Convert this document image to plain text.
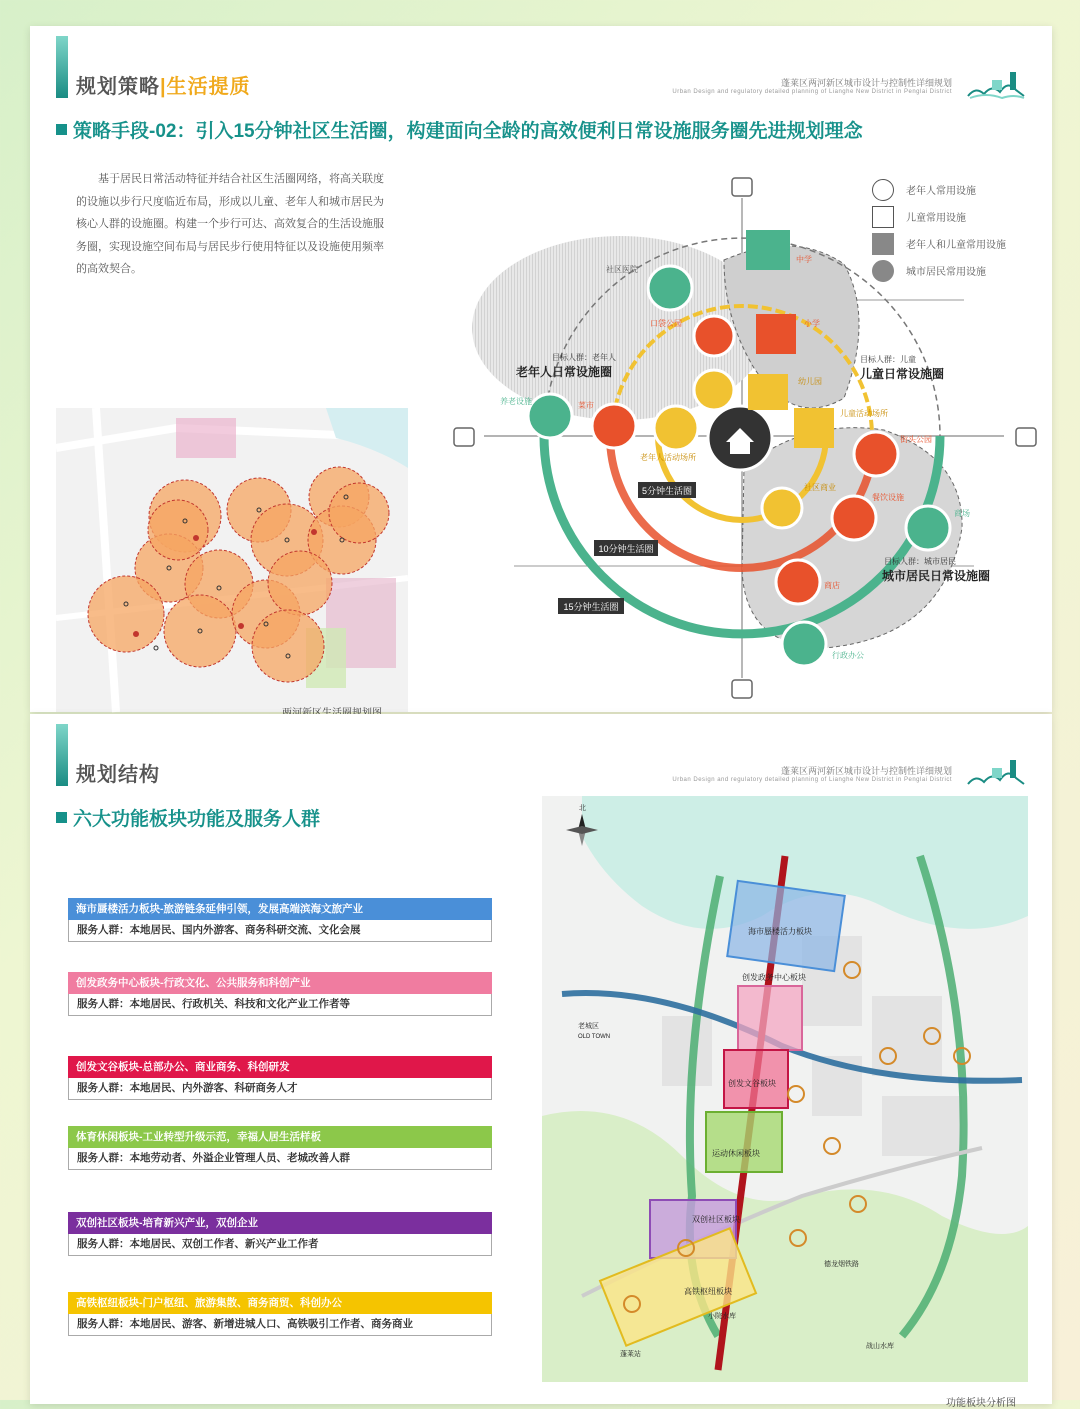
规划策略|生活提质	蓬莱区两河新区城市设计与控制性详细规划
Urban Design and regulatory detailed planning of Lianghe New District in Penglai District
策略手段-02：引入15分钟社区生活圈，构建面向全龄的高效便利日常设施服务圈先进规划理念
基于居民日常活动特征并结合社区生活圈网络，将高关联度的设施以步行尺度临近布局，形成以儿童、老年人和城市居民为核心人群的设施圈。构建一个步行可达、高效复合的生活设施服务圈，实现设施空间布局与居民步行使用特征以及设施使用频率的高效契合。
5分钟生活圈
10分钟生活圈
15分钟生活圈
社区医院
中学
口袋公园	小学
幼儿园
养老设施	菜市
老年人活动场所
儿童活动场所
街头公园
社区商业
餐饮设施
商场
商店
行政办公
目标人群：老年人
老年人日常设施圈
目标人群：儿童
儿童日常设施圈
目标人群：城市居民
城市居民日常设施圈
老年人常用设施
儿童常用设施
老年人和儿童常用设施
城市居民常用设施
规划结构	蓬莱区两河新区城市设计与控制性详细规划
Urban Design and regulatory detailed planning of Lianghe New District in Penglai District
六大功能板块功能及服务人群
海市蜃楼活力板块-旅游链条延伸引领，发展高端滨海文旅产业
服务人群：本地居民、国内外游客、商务科研交流、文化会展
创发政务中心板块-行政文化、公共服务和科创产业
服务人群：本地居民、行政机关、科技和文化产业工作者等
创发文谷板块-总部办公、商业商务、科创研发
服务人群：本地居民、内外游客、科研商务人才
体育休闲板块-工业转型升级示范，幸福人居生活样板
服务人群：本地劳动者、外溢企业管理人员、老城改善人群
双创社区板块-培育新兴产业，双创企业
服务人群：本地居民、双创工作者、新兴产业工作者
高铁枢纽板块-门户枢纽、旅游集散、商务商贸、科创办公
服务人群：本地居民、游客、新增进城人口、高铁吸引工作者、商务商业
海市蜃楼活力板块
创发政务中心板块
创发文谷板块
运动休闲板块
双创社区板块
高铁枢纽板块
老城区
OLD TOWN
蓬莱站
小院水库
战山水库
德龙烟铁路
北
功能板块分析图
